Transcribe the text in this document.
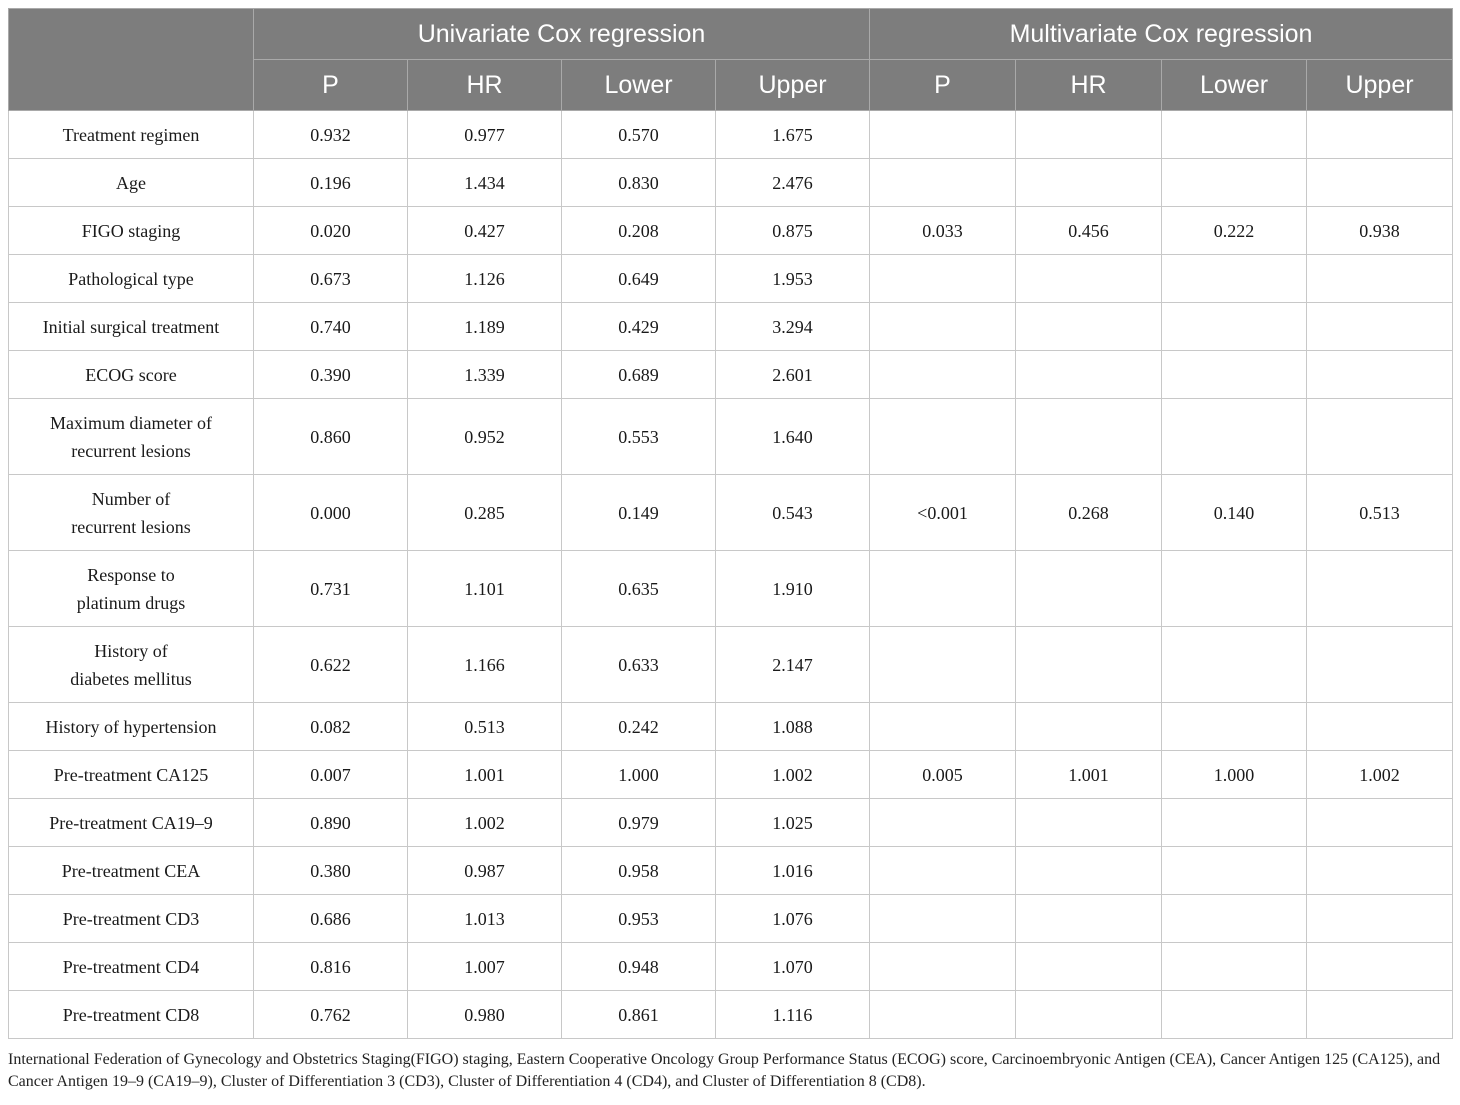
	Univariate Cox regression				Multivariate Cox regression			
	P	HR	Lower	Upper	P	HR	Lower	Upper
Treatment regimen	0.932	0.977	0.570	1.675				
Age	0.196	1.434	0.830	2.476				
FIGO staging	0.020	0.427	0.208	0.875	0.033	0.456	0.222	0.938
Pathological type	0.673	1.126	0.649	1.953				
Initial surgical treatment	0.740	1.189	0.429	3.294				
ECOG score	0.390	1.339	0.689	2.601				
Maximum diameter of
recurrent lesions	0.860	0.952	0.553	1.640				
Number of
recurrent lesions	0.000	0.285	0.149	0.543	<0.001	0.268	0.140	0.513
Response to
platinum drugs	0.731	1.101	0.635	1.910				
History of
diabetes mellitus	0.622	1.166	0.633	2.147				
History of hypertension	0.082	0.513	0.242	1.088				
Pre-treatment CA125	0.007	1.001	1.000	1.002	0.005	1.001	1.000	1.002
Pre-treatment CA19–9	0.890	1.002	0.979	1.025				
Pre-treatment CEA	0.380	0.987	0.958	1.016				
Pre-treatment CD3	0.686	1.013	0.953	1.076				
Pre-treatment CD4	0.816	1.007	0.948	1.070				
Pre-treatment CD8	0.762	0.980	0.861	1.116				
International Federation of Gynecology and Obstetrics Staging(FIGO) staging, Eastern Cooperative Oncology Group Performance Status (ECOG) score, Carcinoembryonic Antigen (CEA), Cancer Antigen 125 (CA125), and Cancer Antigen 19–9 (CA19–9), Cluster of Differentiation 3 (CD3), Cluster of Differentiation 4 (CD4), and Cluster of Differentiation 8 (CD8).
